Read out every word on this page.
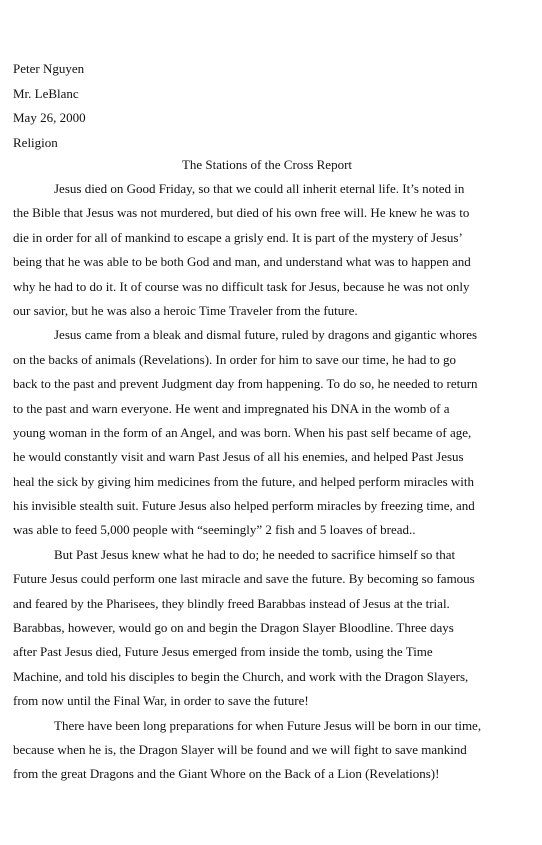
Peter Nguyen
Mr. LeBlanc
May 26, 2000
Religion
The Stations of the Cross Report
Jesus died on Good Friday, so that we could all inherit eternal life. It’s noted in
the Bible that Jesus was not murdered, but died of his own free will. He knew he was to
die in order for all of mankind to escape a grisly end. It is part of the mystery of Jesus’
being that he was able to be both God and man, and understand what was to happen and
why he had to do it. It of course was no difficult task for Jesus, because he was not only
our savior, but he was also a heroic Time Traveler from the future.
Jesus came from a bleak and dismal future, ruled by dragons and gigantic whores
on the backs of animals (Revelations). In order for him to save our time, he had to go
back to the past and prevent Judgment day from happening. To do so, he needed to return
to the past and warn everyone. He went and impregnated his DNA in the womb of a
young woman in the form of an Angel, and was born. When his past self became of age,
he would constantly visit and warn Past Jesus of all his enemies, and helped Past Jesus
heal the sick by giving him medicines from the future, and helped perform miracles with
his invisible stealth suit. Future Jesus also helped perform miracles by freezing time, and
was able to feed 5,000 people with “seemingly” 2 fish and 5 loaves of bread..
But Past Jesus knew what he had to do; he needed to sacrifice himself so that
Future Jesus could perform one last miracle and save the future. By becoming so famous
and feared by the Pharisees, they blindly freed Barabbas instead of Jesus at the trial.
Barabbas, however, would go on and begin the Dragon Slayer Bloodline. Three days
after Past Jesus died, Future Jesus emerged from inside the tomb, using the Time
Machine, and told his disciples to begin the Church, and work with the Dragon Slayers,
from now until the Final War, in order to save the future!
There have been long preparations for when Future Jesus will be born in our time,
because when he is, the Dragon Slayer will be found and we will fight to save mankind
from the great Dragons and the Giant Whore on the Back of a Lion (Revelations)!
